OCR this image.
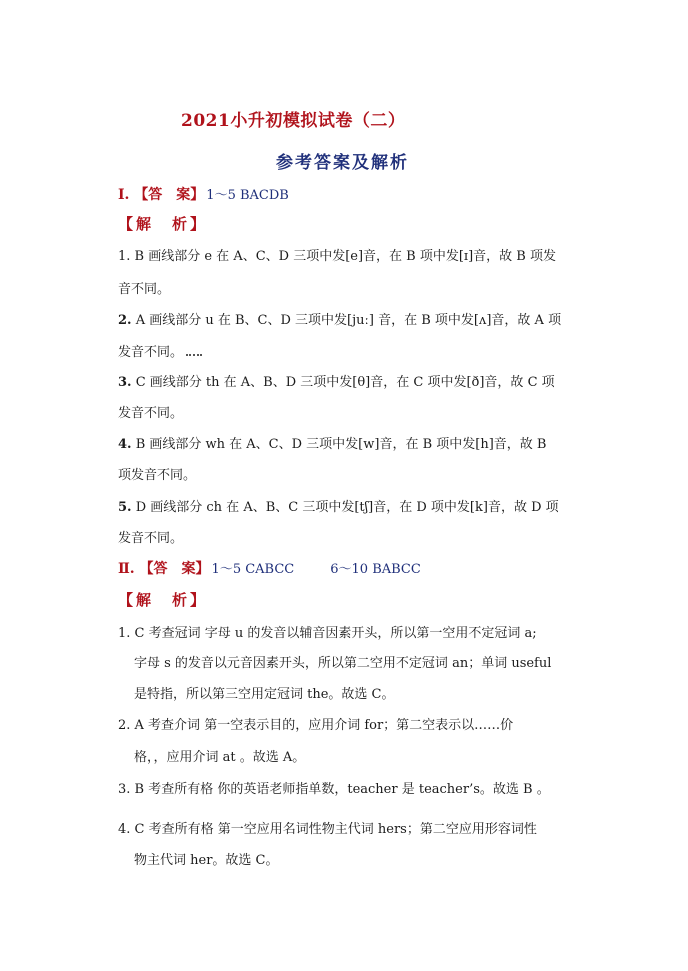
2021小升初模拟试卷（二）
参考答案及解析
Ⅰ. 【答　案】 1～5 BACDB
【解　析】
1. B 画线部分 e 在 A、C、D 三项中发[e]音，在 B 项中发[ɪ]音，故 B 项发
音不同。
2. A 画线部分 u 在 B、C、D 三项中发[juː] 音，在 B 项中发[ʌ]音，故 A 项
发音不同。
3. C 画线部分 th 在 A、B、D 三项中发[θ]音，在 C 项中发[ð]音，故 C 项
发音不同。
4. B 画线部分 wh 在 A、C、D 三项中发[w]音，在 B 项中发[h]音，故 B
项发音不同。
5. D 画线部分 ch 在 A、B、C 三项中发[tʃ]音，在 D 项中发[k]音，故 D 项
发音不同。
Ⅱ. 【答　案】 1～5 CABCC	6～10 BABCC
【解　析】
1. C 考查冠词 字母 u 的发音以辅音因素开头，所以第一空用不定冠词 a;
字母 s 的发音以元音因素开头，所以第二空用不定冠词 an；单词 useful
是特指，所以第三空用定冠词 the。故选 C。
2. A 考查介词 第一空表示目的，应用介词 for；第二空表示以……价
格，，应用介词 at 。故选 A。
3. B 考查所有格 你的英语老师指单数，teacher 是 teacher’s。故选 B 。
4. C 考查所有格 第一空应用名词性物主代词 hers；第二空应用形容词性
物主代词 her。故选 C。
